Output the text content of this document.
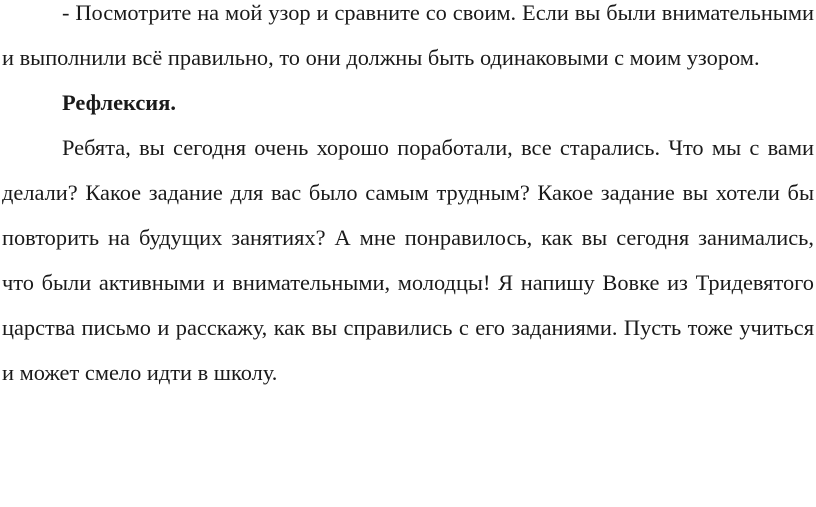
- Посмотрите на мой узор и сравните со своим. Если вы были внимательными и выполнили всё правильно, то они должны быть одинаковыми с моим узором.

Рефлексия.

Ребята, вы сегодня очень хорошо поработали, все старались. Что мы с вами делали? Какое задание для вас было самым трудным? Какое задание вы хотели бы повторить на будущих занятиях? А мне понравилось, как вы сегодня занимались, что были активными и внимательными, молодцы! Я напишу Вовке из Тридевятого царства письмо и расскажу, как вы справились с его заданиями. Пусть тоже учиться и может смело идти в школу.
